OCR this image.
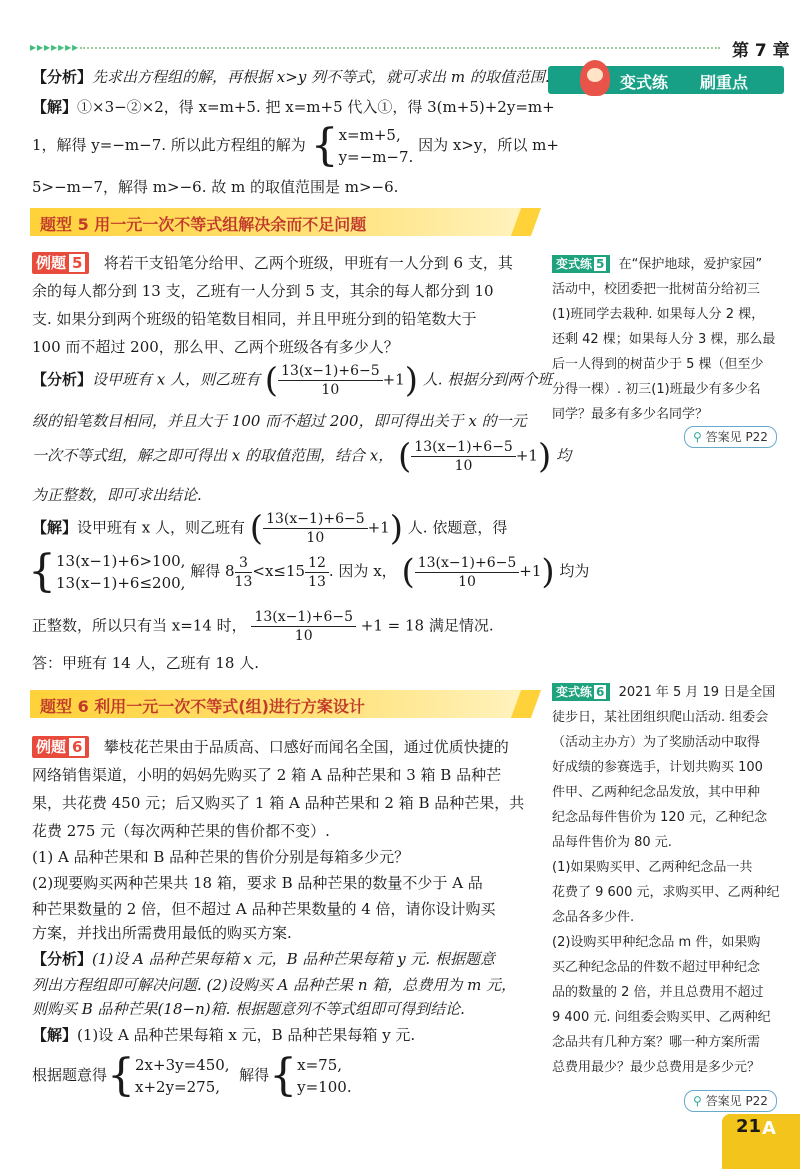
▸▸▸▸▸▸▸	第 7 章
变式练 刷重点
【分析】先求出方程组的解，再根据 x>y 列不等式，就可求出 m 的取值范围.
【解】①×3−②×2，得 x=m+5. 把 x=m+5 代入①，得 3(m+5)+2y=m+
1，解得 y=−m−7. 所以此方程组的解为 { x=m+5,
y=−m−7.
因为 x>y，所以 m+
5>−m−7，解得 m>−6. 故 m 的取值范围是 m>−6.
题型 5 用一元一次不等式组解决余而不足问题
例题 5 将若干支铅笔分给甲、乙两个班级，甲班有一人分到 6 支，其
余的每人都分到 13 支，乙班有一人分到 5 支，其余的每人都分到 10
支. 如果分到两个班级的铅笔数目相同，并且甲班分到的铅笔数大于
100 而不超过 200，那么甲、乙两个班级各有多少人？
【分析】设甲班有 x 人，则乙班有 ( $\frac{13(x-1)+6-5}{10} +1$) 人. 根据分到两个班
级的铅笔数目相同，并且大于 100 而不超过 200，即可得出关于 x 的一元
一次不等式组，解之即可得出 x 的取值范围，结合 x， ( $\frac{13(x-1)+6-5}{10} +1$) 均
为正整数，即可求出结论.
【解】设甲班有 x 人，则乙班有 ( $\frac{13(x-1)+6-5}{10} +1$) 人. 依题意，得
{ 13(x−1)+6>100,
13(x−1)+6≤200,
解得 $8 \frac{3}{13} <x\le 15 \frac{12}{13}$ . 因为 x， ( $\frac{13(x-1)+6-5}{10} +1$) 均为
正整数，所以只有当 x=14 时， $\frac{13(x-1)+6-5}{10} +1 = 18$ 满足情况.
答：甲班有 14 人，乙班有 18 人.
题型 6 利用一元一次不等式(组)进行方案设计
例题 6 攀枝花芒果由于品质高、口感好而闻名全国，通过优质快捷的
网络销售渠道，小明的妈妈先购买了 2 箱 A 品种芒果和 3 箱 B 品种芒
果，共花费 450 元；后又购买了 1 箱 A 品种芒果和 2 箱 B 品种芒果，共
花费 275 元（每次两种芒果的售价都不变）.
(1) A 品种芒果和 B 品种芒果的售价分别是每箱多少元？
(2)现要购买两种芒果共 18 箱，要求 B 品种芒果的数量不少于 A 品
种芒果数量的 2 倍，但不超过 A 品种芒果数量的 4 倍，请你设计购买
方案，并找出所需费用最低的购买方案.
【分析】(1)设 A 品种芒果每箱 x 元，B 品种芒果每箱 y 元. 根据题意
列出方程组即可解决问题. (2)设购买 A 品种芒果 n 箱，总费用为 m 元，
则购买 B 品种芒果(18−n)箱. 根据题意列不等式组即可得到结论.
【解】(1)设 A 品种芒果每箱 x 元，B 品种芒果每箱 y 元.
根据题意得{ 2x+3y=450,
x+2y=275,
解得{ x=75,
y=100.
变式练 5 在“保护地球，爱护家园”
活动中，校团委把一批树苗分给初三
(1)班同学去栽种. 如果每人分 2 棵，
还剩 42 棵；如果每人分 3 棵，那么最
后一人得到的树苗少于 5 棵（但至少
分得一棵）. 初三(1)班最少有多少名
同学？最多有多少名同学？
⚲ 答案见 P22
变式练 6 2021 年 5 月 19 日是全国
徒步日，某社团组织爬山活动. 组委会
（活动主办方）为了奖励活动中取得
好成绩的参赛选手，计划共购买 100
件甲、乙两种纪念品发放，其中甲种
纪念品每件售价为 120 元，乙种纪念
品每件售价为 80 元.
(1)如果购买甲、乙两种纪念品一共
花费了 9 600 元，求购买甲、乙两种纪
念品各多少件.
(2)设购买甲种纪念品 m 件，如果购
买乙种纪念品的件数不超过甲种纪念
品的数量的 2 倍，并且总费用不超过
9 400 元. 问组委会购买甲、乙两种纪
念品共有几种方案？哪一种方案所需
总费用最少？最少总费用是多少元？
⚲ 答案见 P22
21 A
